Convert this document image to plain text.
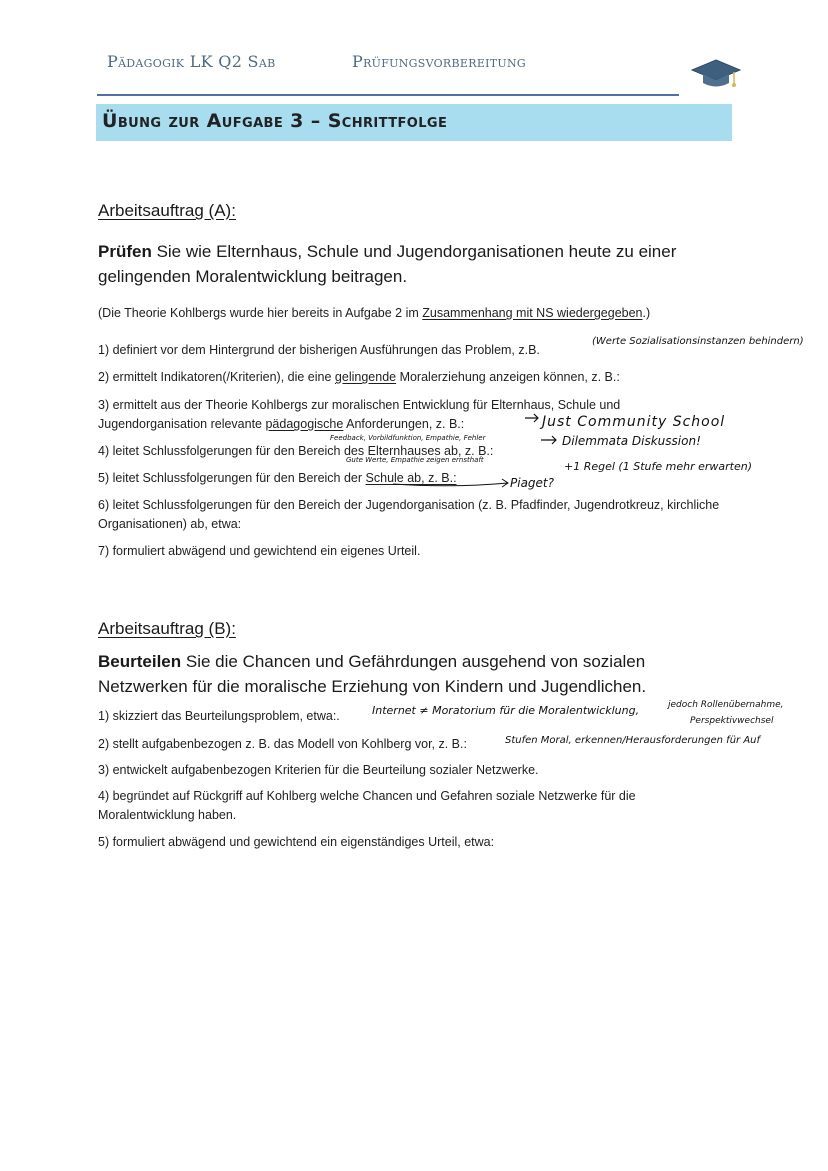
Pädagogik LK Q2 Sab	Prüfungsvorbereitung
Übung zur Aufgabe 3 – Schrittfolge
Arbeitsauftrag (A):
Prüfen Sie wie Elternhaus, Schule und Jugendorganisationen heute zu einer gelingenden Moralentwicklung beitragen.
(Die Theorie Kohlbergs wurde hier bereits in Aufgabe 2 im Zusammenhang mit NS wiedergegeben.)
1) definiert vor dem Hintergrund der bisherigen Ausführungen das Problem, z.B.
(Werte Sozialisationsinstanzen behindern)
2) ermittelt Indikatoren(/Kriterien), die eine gelingende Moralerziehung anzeigen können, z. B.:
3) ermittelt aus der Theorie Kohlbergs zur moralischen Entwicklung für Elternhaus, Schule und
Jugendorganisation relevante pädagogische Anforderungen, z. B.:	Just Community School
Feedback, Vorbildfunktion, Empathie, Fehler
4) leitet Schlussfolgerungen für den Bereich des Elternhauses ab, z. B.:
Dilemmata Diskussion!
Gute Werte, Empathie zeigen ernsthaft	+1 Regel (1 Stufe mehr erwarten)
5) leitet Schlussfolgerungen für den Bereich der Schule ab, z. B.:	Piaget?
6) leitet Schlussfolgerungen für den Bereich der Jugendorganisation (z. B. Pfadfinder, Jugendrotkreuz, kirchliche Organisationen) ab, etwa:
7) formuliert abwägend und gewichtend ein eigenes Urteil.
Arbeitsauftrag (B):
Beurteilen Sie die Chancen und Gefährdungen ausgehend von sozialen Netzwerken für die moralische Erziehung von Kindern und Jugendlichen.
1) skizziert das Beurteilungsproblem, etwa:.	Internet ≠ Moratorium für die Moralentwicklung,	jedoch Rollenübernahme,
Perspektivwechsel
2) stellt aufgabenbezogen z. B. das Modell von Kohlberg vor, z. B.:	Stufen Moral, erkennen/Herausforderungen für Auf
3) entwickelt aufgabenbezogen Kriterien für die Beurteilung sozialer Netzwerke.
4) begründet auf Rückgriff auf Kohlberg welche Chancen und Gefahren soziale Netzwerke für die Moralentwicklung haben.
5) formuliert abwägend und gewichtend ein eigenständiges Urteil, etwa:
